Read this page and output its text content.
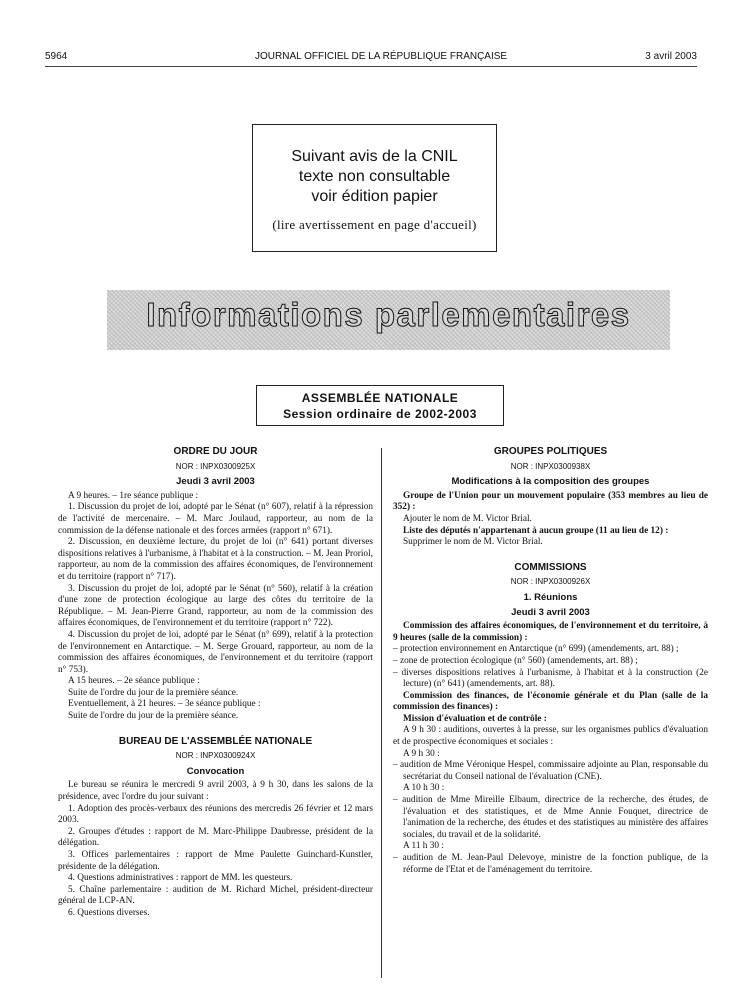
5964	JOURNAL OFFICIEL DE LA RÉPUBLIQUE FRANÇAISE	3 avril 2003
Suivant avis de la CNIL
texte non consultable
voir édition papier
(lire avertissement en page d'accueil)
Informations parlementaires
ASSEMBLÉE NATIONALE
Session ordinaire de 2002-2003
ORDRE DU JOUR
NOR : INPX0300925X
Jeudi 3 avril 2003

A 9 heures. – 1re séance publique :

1. Discussion du projet de loi, adopté par le Sénat (n° 607), relatif à la répression de l'activité de mercenaire. – M. Marc Joulaud, rapporteur, au nom de la commission de la défense nationale et des forces armées (rapport n° 671).

2. Discussion, en deuxième lecture, du projet de loi (n° 641) portant diverses dispositions relatives à l'urbanisme, à l'habitat et à la construction. – M. Jean Proriol, rapporteur, au nom de la commission des affaires économiques, de l'environnement et du territoire (rapport n° 717).

3. Discussion du projet de loi, adopté par le Sénat (n° 560), relatif à la création d'une zone de protection écologique au large des côtes du territoire de la République. – M. Jean-Pierre Grand, rapporteur, au nom de la commission des affaires économiques, de l'environnement et du territoire (rapport n° 722).

4. Discussion du projet de loi, adopté par le Sénat (n° 699), relatif à la protection de l'environnement en Antarctique. – M. Serge Grouard, rapporteur, au nom de la commission des affaires économiques, de l'environnement et du territoire (rapport n° 753).

A 15 heures. – 2e séance publique :

Suite de l'ordre du jour de la première séance.

Eventuellement, à 21 heures. – 3e séance publique :

Suite de l'ordre du jour de la première séance.

BUREAU DE L'ASSEMBLÉE NATIONALE
NOR : INPX0300924X
Convocation

Le bureau se réunira le mercredi 9 avril 2003, à 9 h 30, dans les salons de la présidence, avec l'ordre du jour suivant :

1. Adoption des procès-verbaux des réunions des mercredis 26 février et 12 mars 2003.

2. Groupes d'études : rapport de M. Marc-Philippe Daubresse, président de la délégation.

3. Offices parlementaires : rapport de Mme Paulette Guinchard-Kunstler, présidente de la délégation.

4. Questions administratives : rapport de MM. les questeurs.

5. Chaîne parlementaire : audition de M. Richard Michel, président-directeur général de LCP-AN.

6. Questions diverses.

GROUPES POLITIQUES
NOR : INPX0300938X
Modifications à la composition des groupes

Groupe de l'Union pour un mouvement populaire (353 membres au lieu de 352) :

Ajouter le nom de M. Victor Brial.

Liste des députés n'appartenant à aucun groupe (11 au lieu de 12) :

Supprimer le nom de M. Victor Brial.

COMMISSIONS
NOR : INPX0300926X
1. Réunions
Jeudi 3 avril 2003

Commission des affaires économiques, de l'environnement et du territoire, à 9 heures (salle de la commission) :

– protection environnement en Antarctique (n° 699) (amendements, art. 88) ;

– zone de protection écologique (n° 560) (amendements, art. 88) ;

– diverses dispositions relatives à l'urbanisme, à l'habitat et à la construction (2e lecture) (n° 641) (amendements, art. 88).

Commission des finances, de l'économie générale et du Plan (salle de la commission des finances) :

Mission d'évaluation et de contrôle :

A 9 h 30 : auditions, ouvertes à la presse, sur les organismes publics d'évaluation et de prospective économiques et sociales :

A 9 h 30 :

– audition de Mme Véronique Hespel, commissaire adjointe au Plan, responsable du secrétariat du Conseil national de l'évaluation (CNE).

A 10 h 30 :

– audition de Mme Mireille Elbaum, directrice de la recherche, des études, de l'évaluation et des statistiques, et de Mme Annie Fouquet, directrice de l'animation de la recherche, des études et des statistiques au ministère des affaires sociales, du travail et de la solidarité.

A 11 h 30 :

– audition de M. Jean-Paul Delevoye, ministre de la fonction publique, de la réforme de l'Etat et de l'aménagement du territoire.
